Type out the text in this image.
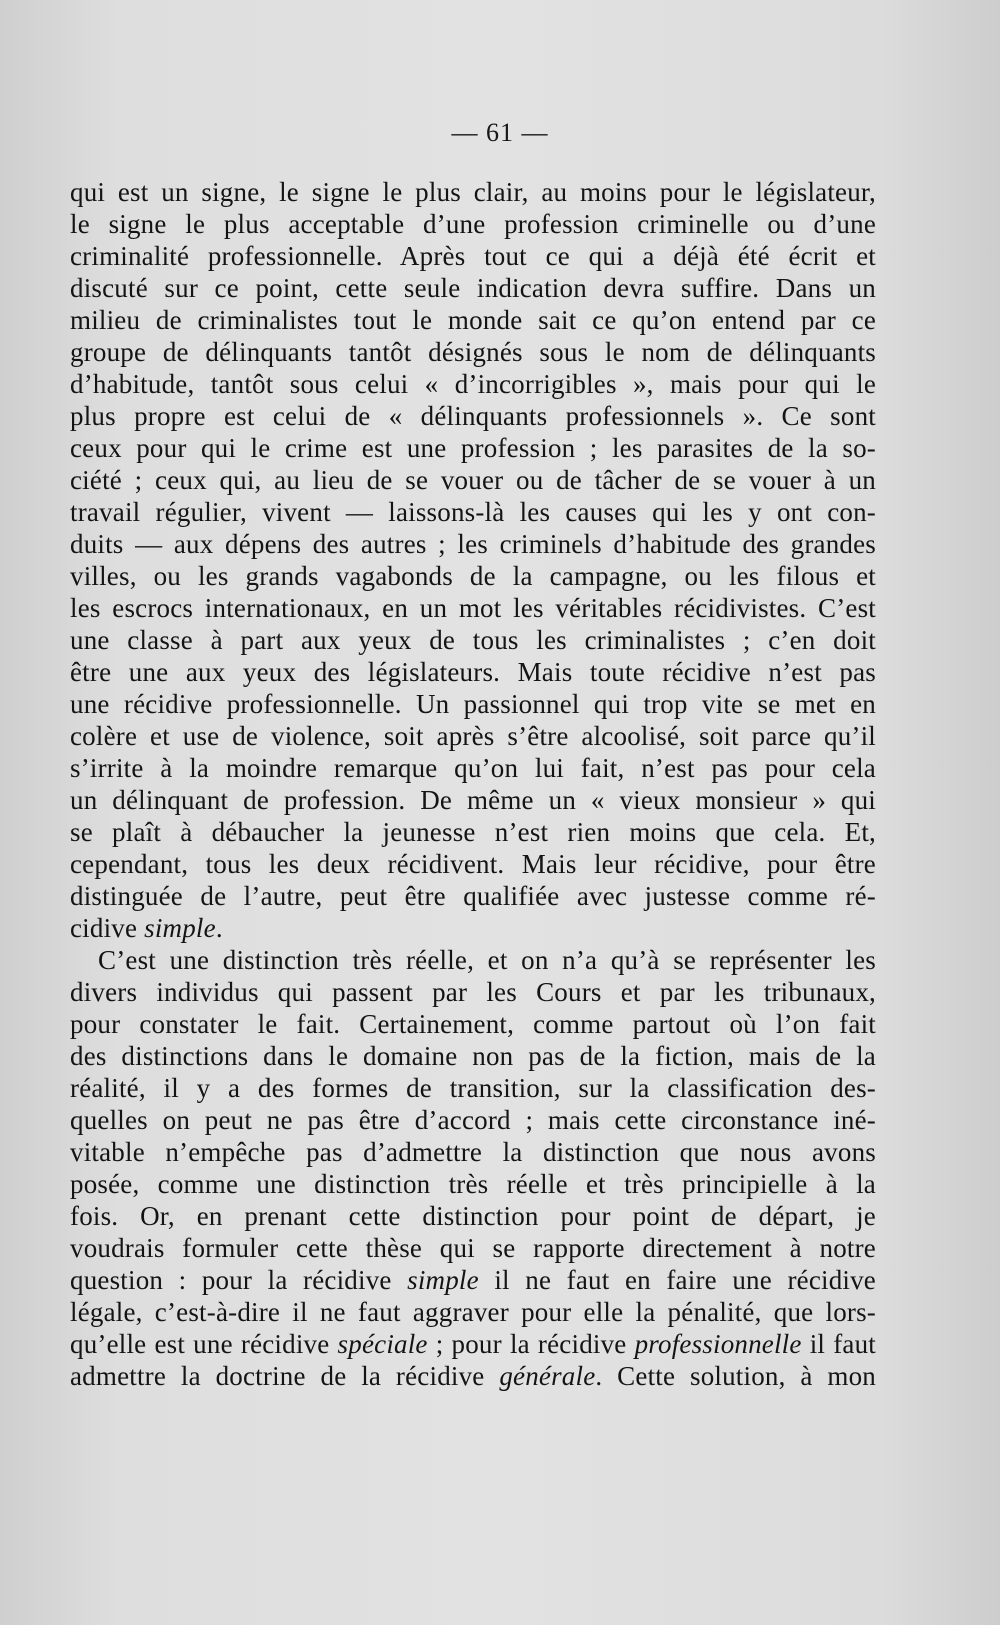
— 61 —
qui est un signe, le signe le plus clair, au moins pour le législateur,
le signe le plus acceptable d’une profession criminelle ou d’une
criminalité professionnelle. Après tout ce qui a déjà été écrit et
discuté sur ce point, cette seule indication devra suffire. Dans un
milieu de criminalistes tout le monde sait ce qu’on entend par ce
groupe de délinquants tantôt désignés sous le nom de délinquants
d’habitude, tantôt sous celui « d’incorrigibles », mais pour qui le
plus propre est celui de « délinquants professionnels ». Ce sont
ceux pour qui le crime est une profession ; les parasites de la so-
ciété ; ceux qui, au lieu de se vouer ou de tâcher de se vouer à un
travail régulier, vivent — laissons-là les causes qui les y ont con-
duits — aux dépens des autres ; les criminels d’habitude des grandes
villes, ou les grands vagabonds de la campagne, ou les filous et
les escrocs internationaux, en un mot les véritables récidivistes. C’est
une classe à part aux yeux de tous les criminalistes ; c’en doit
être une aux yeux des législateurs. Mais toute récidive n’est pas
une récidive professionnelle. Un passionnel qui trop vite se met en
colère et use de violence, soit après s’être alcoolisé, soit parce qu’il
s’irrite à la moindre remarque qu’on lui fait, n’est pas pour cela
un délinquant de profession. De même un « vieux monsieur » qui
se plaît à débaucher la jeunesse n’est rien moins que cela. Et,
cependant, tous les deux récidivent. Mais leur récidive, pour être
distinguée de l’autre, peut être qualifiée avec justesse comme ré-
cidive simple.
C’est une distinction très réelle, et on n’a qu’à se représenter les
divers individus qui passent par les Cours et par les tribunaux,
pour constater le fait. Certainement, comme partout où l’on fait
des distinctions dans le domaine non pas de la fiction, mais de la
réalité, il y a des formes de transition, sur la classification des-
quelles on peut ne pas être d’accord ; mais cette circonstance iné-
vitable n’empêche pas d’admettre la distinction que nous avons
posée, comme une distinction très réelle et très principielle à la
fois. Or, en prenant cette distinction pour point de départ, je
voudrais formuler cette thèse qui se rapporte directement à notre
question : pour la récidive simple il ne faut en faire une récidive
légale, c’est-à-dire il ne faut aggraver pour elle la pénalité, que lors-
qu’elle est une récidive spéciale ; pour la récidive professionnelle il faut
admettre la doctrine de la récidive générale. Cette solution, à mon
